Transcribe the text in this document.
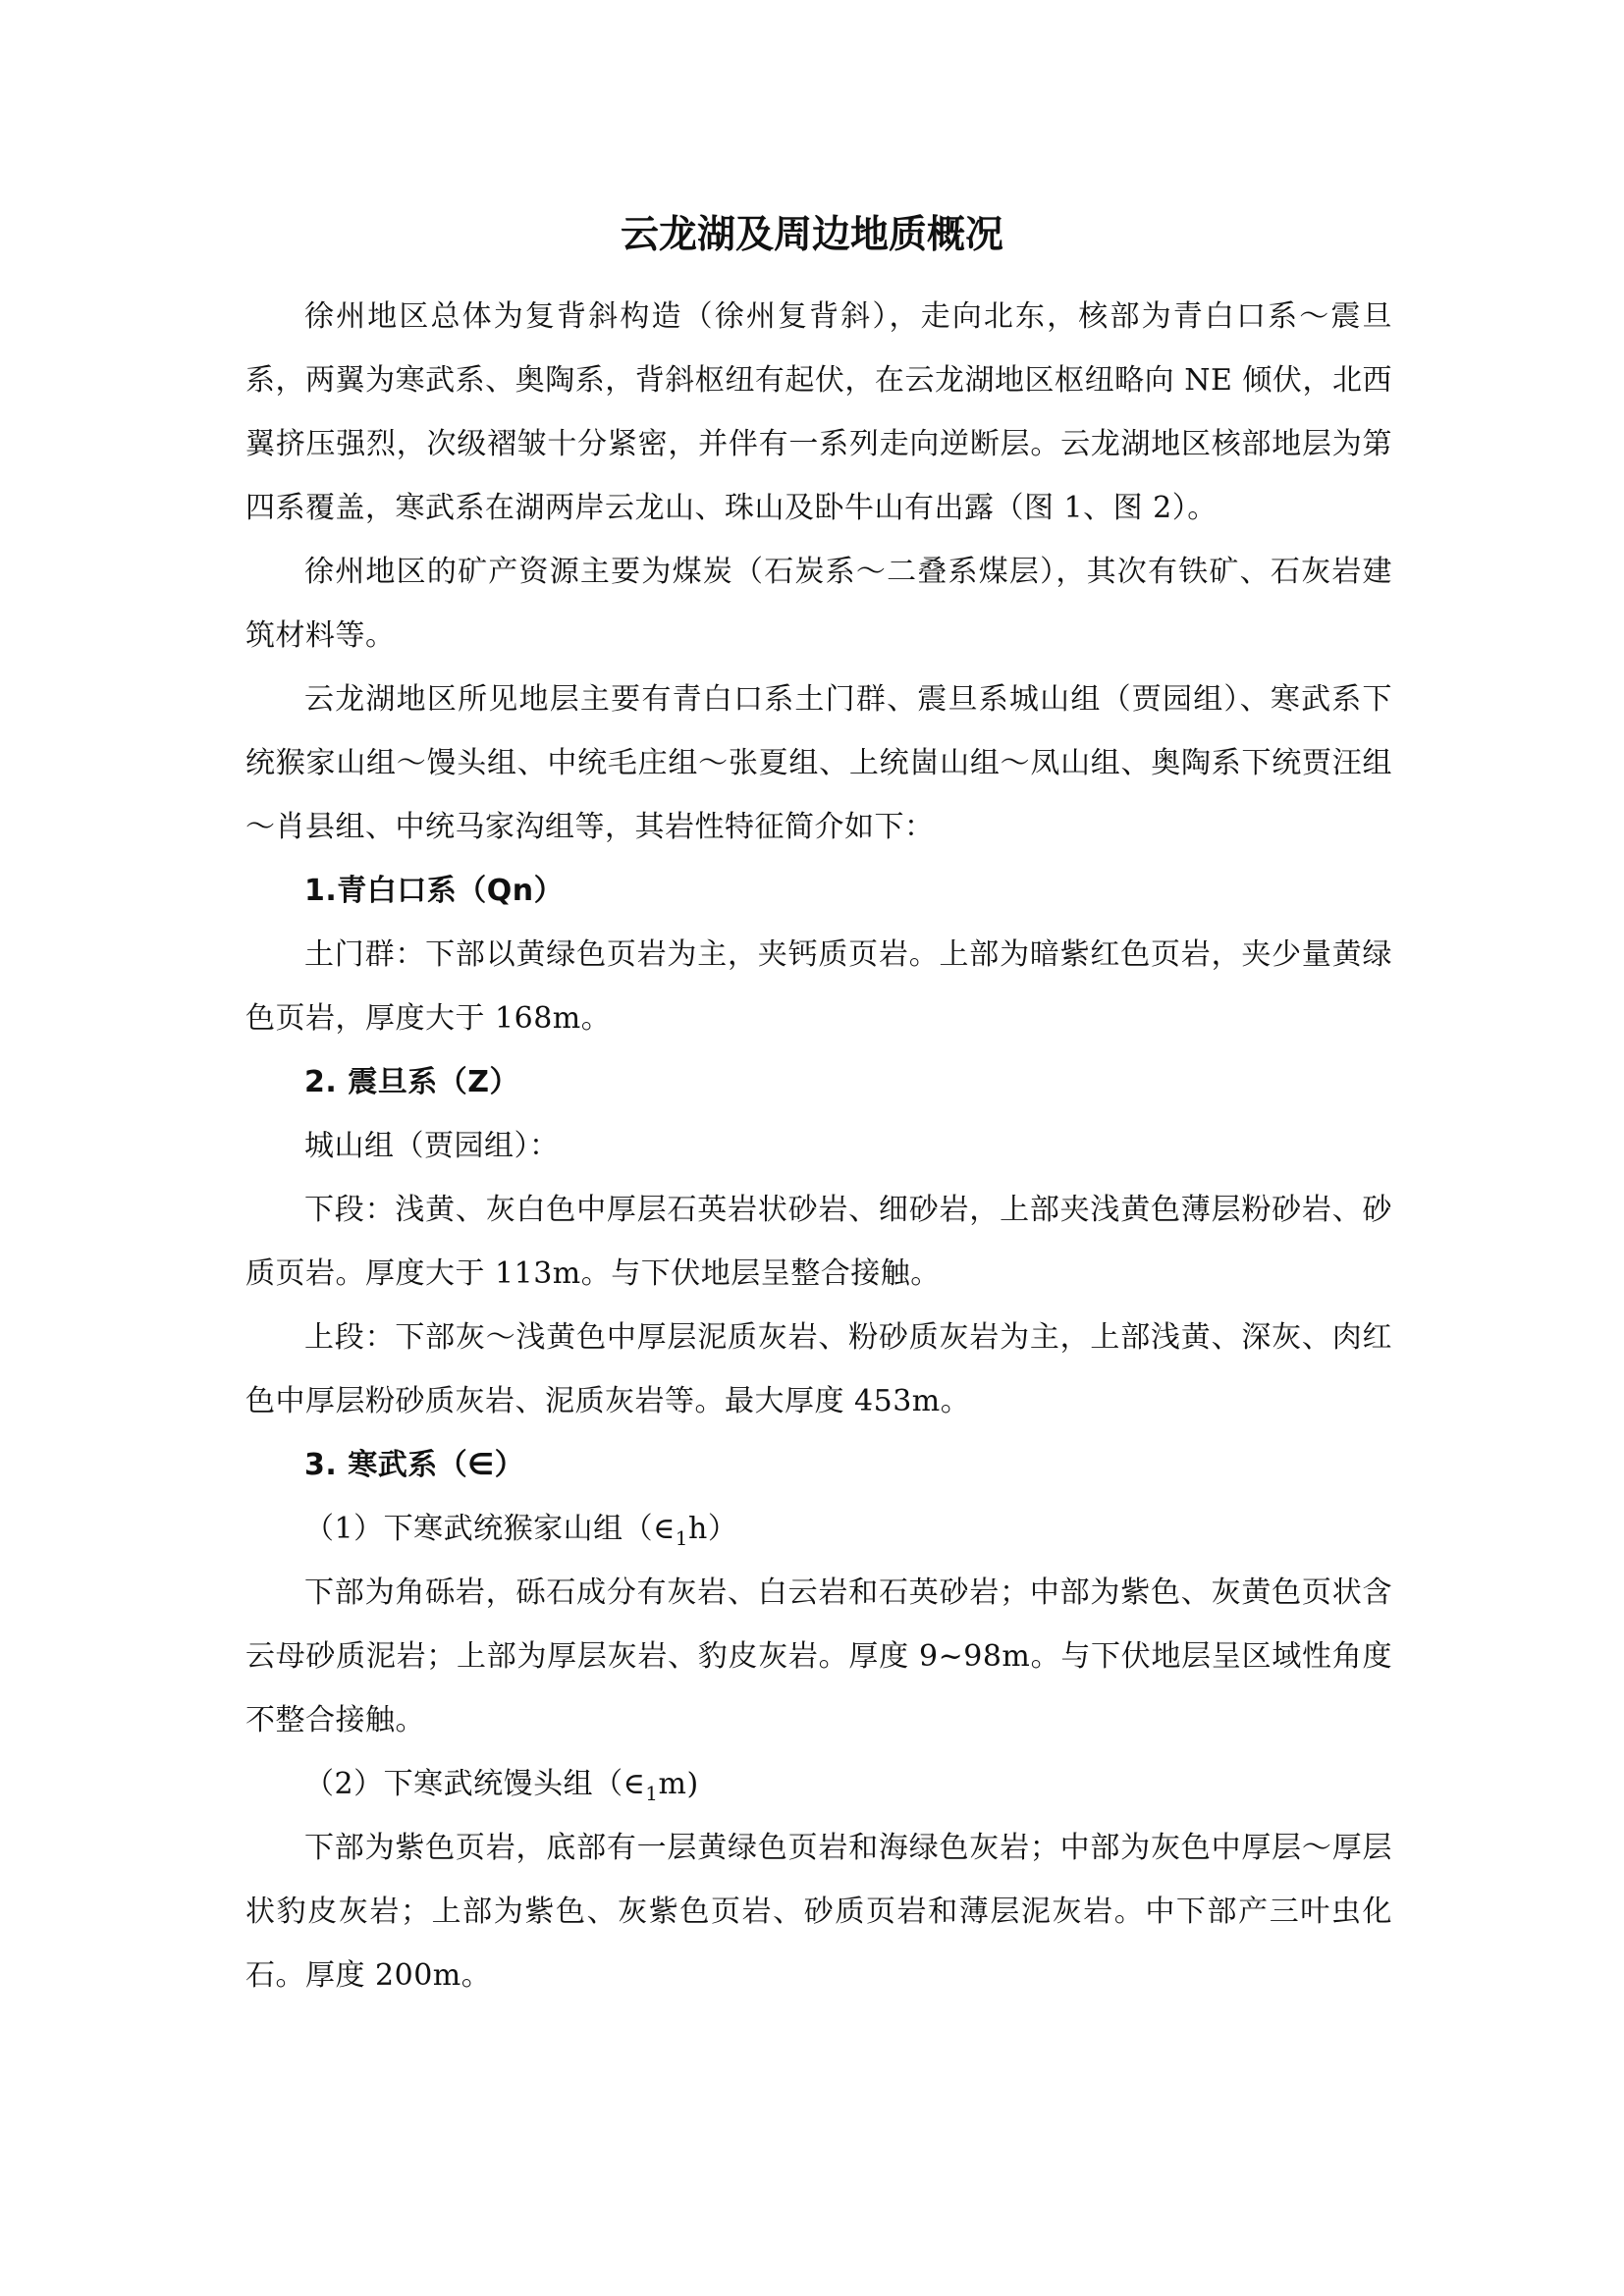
云龙湖及周边地质概况

徐州地区总体为复背斜构造（徐州复背斜），走向北东，核部为青白口系～震旦系，两翼为寒武系、奥陶系，背斜枢纽有起伏，在云龙湖地区枢纽略向 NE 倾伏，北西翼挤压强烈，次级褶皱十分紧密，并伴有一系列走向逆断层。云龙湖地区核部地层为第四系覆盖，寒武系在湖两岸云龙山、珠山及卧牛山有出露（图 1、图 2）。

徐州地区的矿产资源主要为煤炭（石炭系～二叠系煤层），其次有铁矿、石灰岩建筑材料等。

云龙湖地区所见地层主要有青白口系土门群、震旦系城山组（贾园组）、寒武系下统猴家山组～馒头组、中统毛庄组～张夏组、上统崮山组～凤山组、奥陶系下统贾汪组～肖县组、中统马家沟组等，其岩性特征简介如下：

1.青白口系（Qn）

土门群：下部以黄绿色页岩为主，夹钙质页岩。上部为暗紫红色页岩，夹少量黄绿色页岩，厚度大于 168m。

2. 震旦系（Z）

城山组（贾园组）：

下段：浅黄、灰白色中厚层石英岩状砂岩、细砂岩，上部夹浅黄色薄层粉砂岩、砂质页岩。厚度大于 113m。与下伏地层呈整合接触。

上段：下部灰～浅黄色中厚层泥质灰岩、粉砂质灰岩为主，上部浅黄、深灰、肉红色中厚层粉砂质灰岩、泥质灰岩等。最大厚度 453m。

3. 寒武系（∈）

（1）下寒武统猴家山组$(\in_1h)$

下部为角砾岩，砾石成分有灰岩、白云岩和石英砂岩；中部为紫色、灰黄色页状含云母砂质泥岩；上部为厚层灰岩、豹皮灰岩。厚度 9~98m。与下伏地层呈区域性角度不整合接触。

（2）下寒武统馒头组$(\in_1m)$

下部为紫色页岩，底部有一层黄绿色页岩和海绿色灰岩；中部为灰色中厚层～厚层状豹皮灰岩；上部为紫色、灰紫色页岩、砂质页岩和薄层泥灰岩。中下部产三叶虫化石。厚度 200m。
